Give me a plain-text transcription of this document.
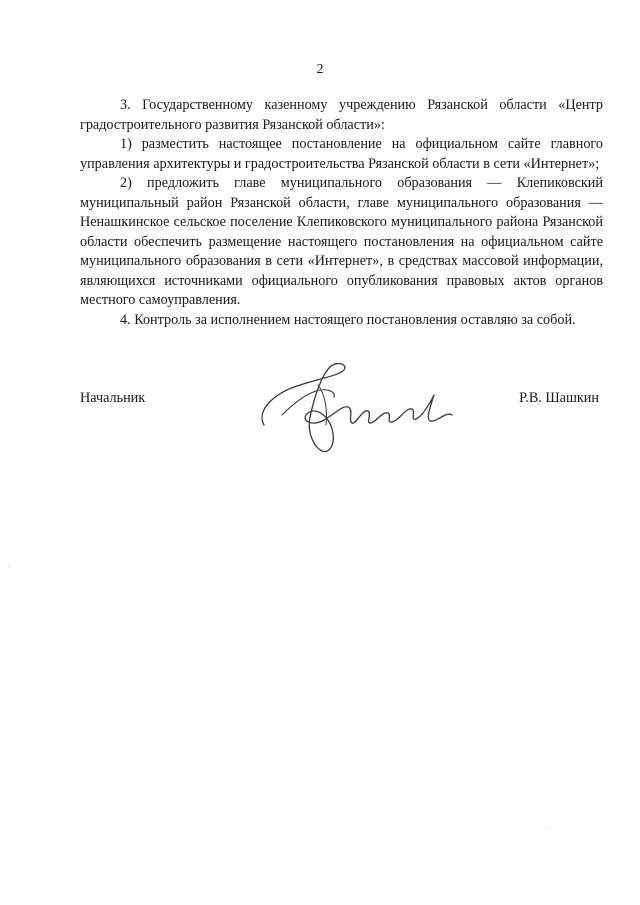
2

3. Государственному казенному учреждению Рязанской области «Центр градостроительного развития Рязанской области»:

1) разместить настоящее постановление на официальном сайте главного управления архитектуры и градостроительства Рязанской области в сети «Интернет»;

2) предложить главе муниципального образования — Клепиковский муниципальный район Рязанской области, главе муниципального образования — Ненашкинское сельское поселение Клепиковского муниципального района Рязанской области обеспечить размещение настоящего постановления на официальном сайте муниципального образования в сети «Интернет», в средствах массовой информации, являющихся источниками официального опубликования правовых актов органов местного самоуправления.

4. Контроль за исполнением настоящего постановления оставляю за собой.

Начальник	Р.В. Шашкин
